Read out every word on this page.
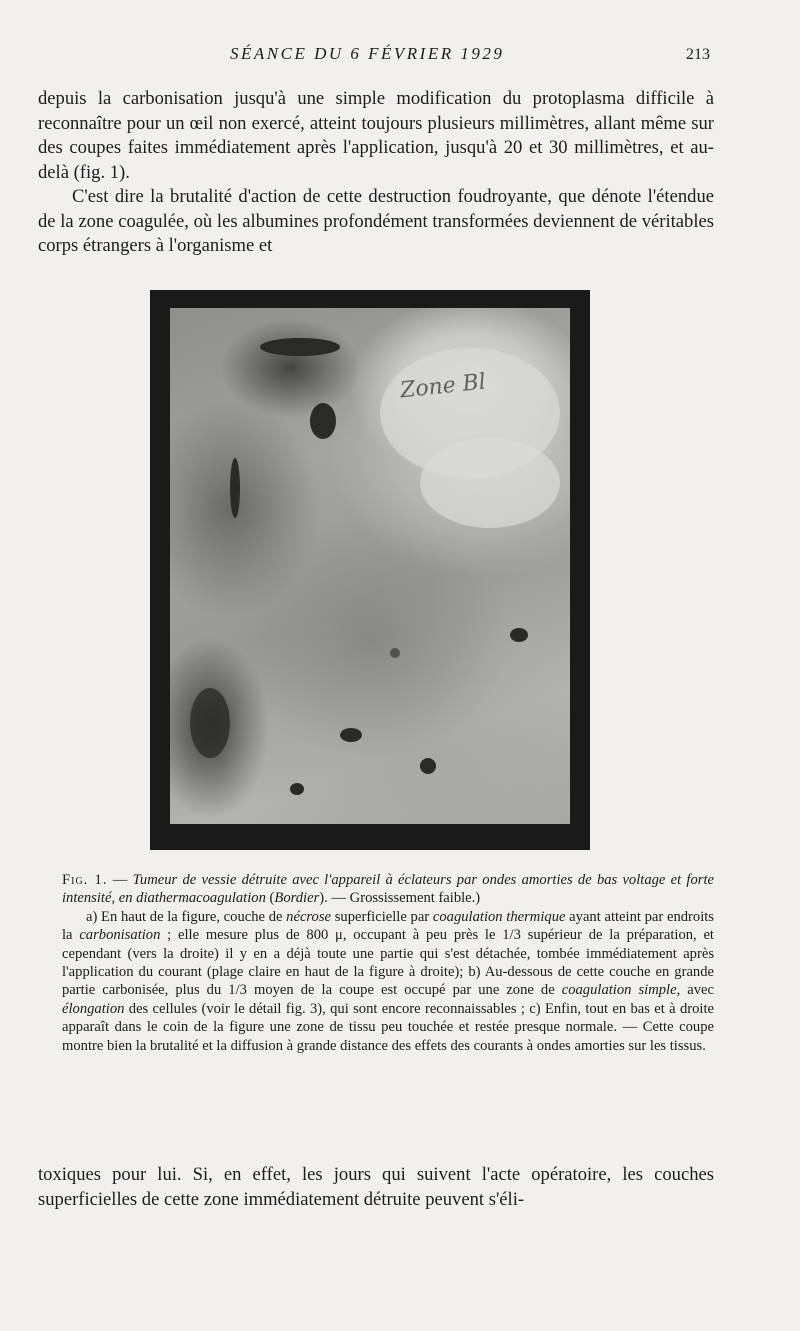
SÉANCE DU 6 FÉVRIER 1929	213

depuis la carbonisation jusqu'à une simple modification du protoplasma difficile à reconnaître pour un œil non exercé, atteint toujours plusieurs millimètres, allant même sur des coupes faites immédiatement après l'application, jusqu'à 20 et 30 millimètres, et au-delà (fig. 1).

C'est dire la brutalité d'action de cette destruction foudroyante, que dénote l'étendue de la zone coagulée, où les albumines profondément transformées deviennent de véritables corps étrangers à l'organisme et

Zone Bl

Fig. 1. — Tumeur de vessie détruite avec l'appareil à éclateurs par ondes amorties de bas voltage et forte intensité, en diathermacoagulation (Bordier). — Grossissement faible.)

a) En haut de la figure, couche de nécrose superficielle par coagulation thermique ayant atteint par endroits la carbonisation ; elle mesure plus de 800 μ, occupant à peu près le 1/3 supérieur de la préparation, et cependant (vers la droite) il y en a déjà toute une partie qui s'est détachée, tombée immédiatement après l'application du courant (plage claire en haut de la figure à droite); b) Au-dessous de cette couche en grande partie carbonisée, plus du 1/3 moyen de la coupe est occupé par une zone de coagulation simple, avec élongation des cellules (voir le détail fig. 3), qui sont encore reconnaissables ; c) Enfin, tout en bas et à droite apparaît dans le coin de la figure une zone de tissu peu touchée et restée presque normale. — Cette coupe montre bien la brutalité et la diffusion à grande distance des effets des courants à ondes amorties sur les tissus.

toxiques pour lui. Si, en effet, les jours qui suivent l'acte opératoire, les couches superficielles de cette zone immédiatement détruite peuvent s'éli-
